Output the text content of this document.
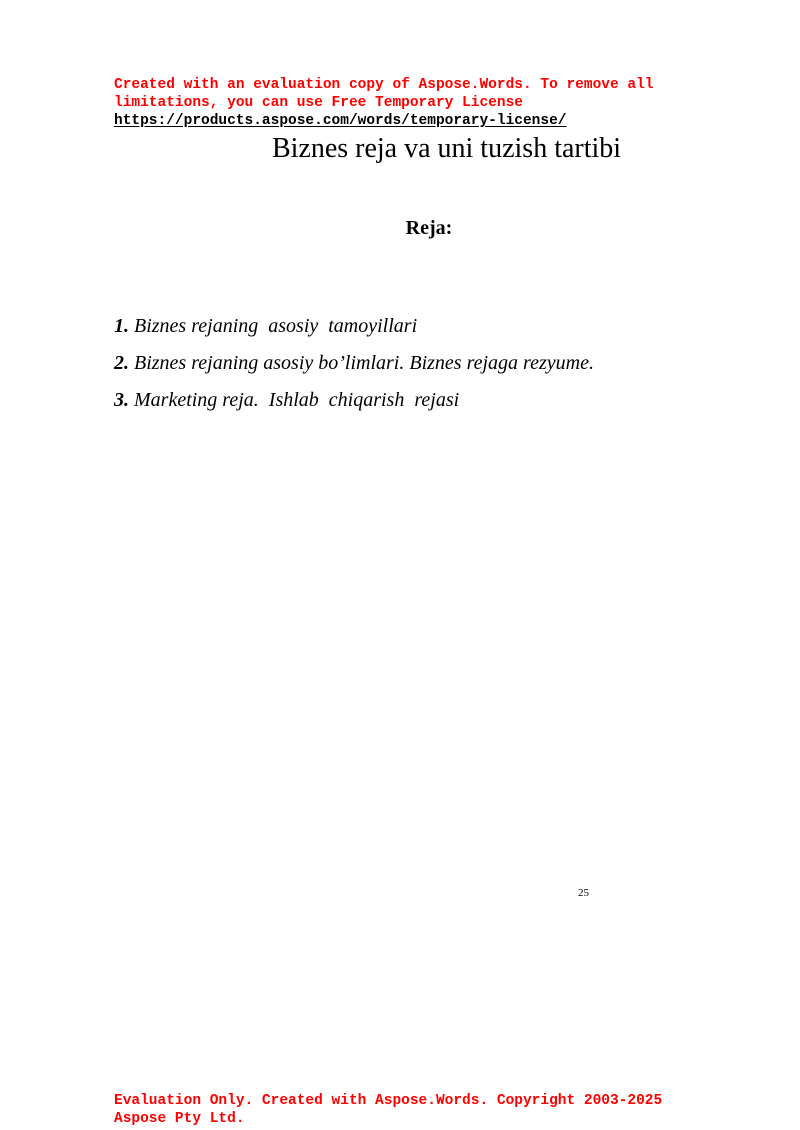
Created with an evaluation copy of Aspose.Words. To remove all
limitations, you can use Free Temporary License
https://products.aspose.com/words/temporary-license/
Biznes reja va uni tuzish tartibi
Reja:
1. Biznes rejaning  asosiy  tamoyillari
2. Biznes rejaning asosiy bo’limlari. Biznes rejaga rezyume.
3. Marketing reja.  Ishlab  chiqarish  rejasi
25
Evaluation Only. Created with Aspose.Words. Copyright 2003-2025
Aspose Pty Ltd.
